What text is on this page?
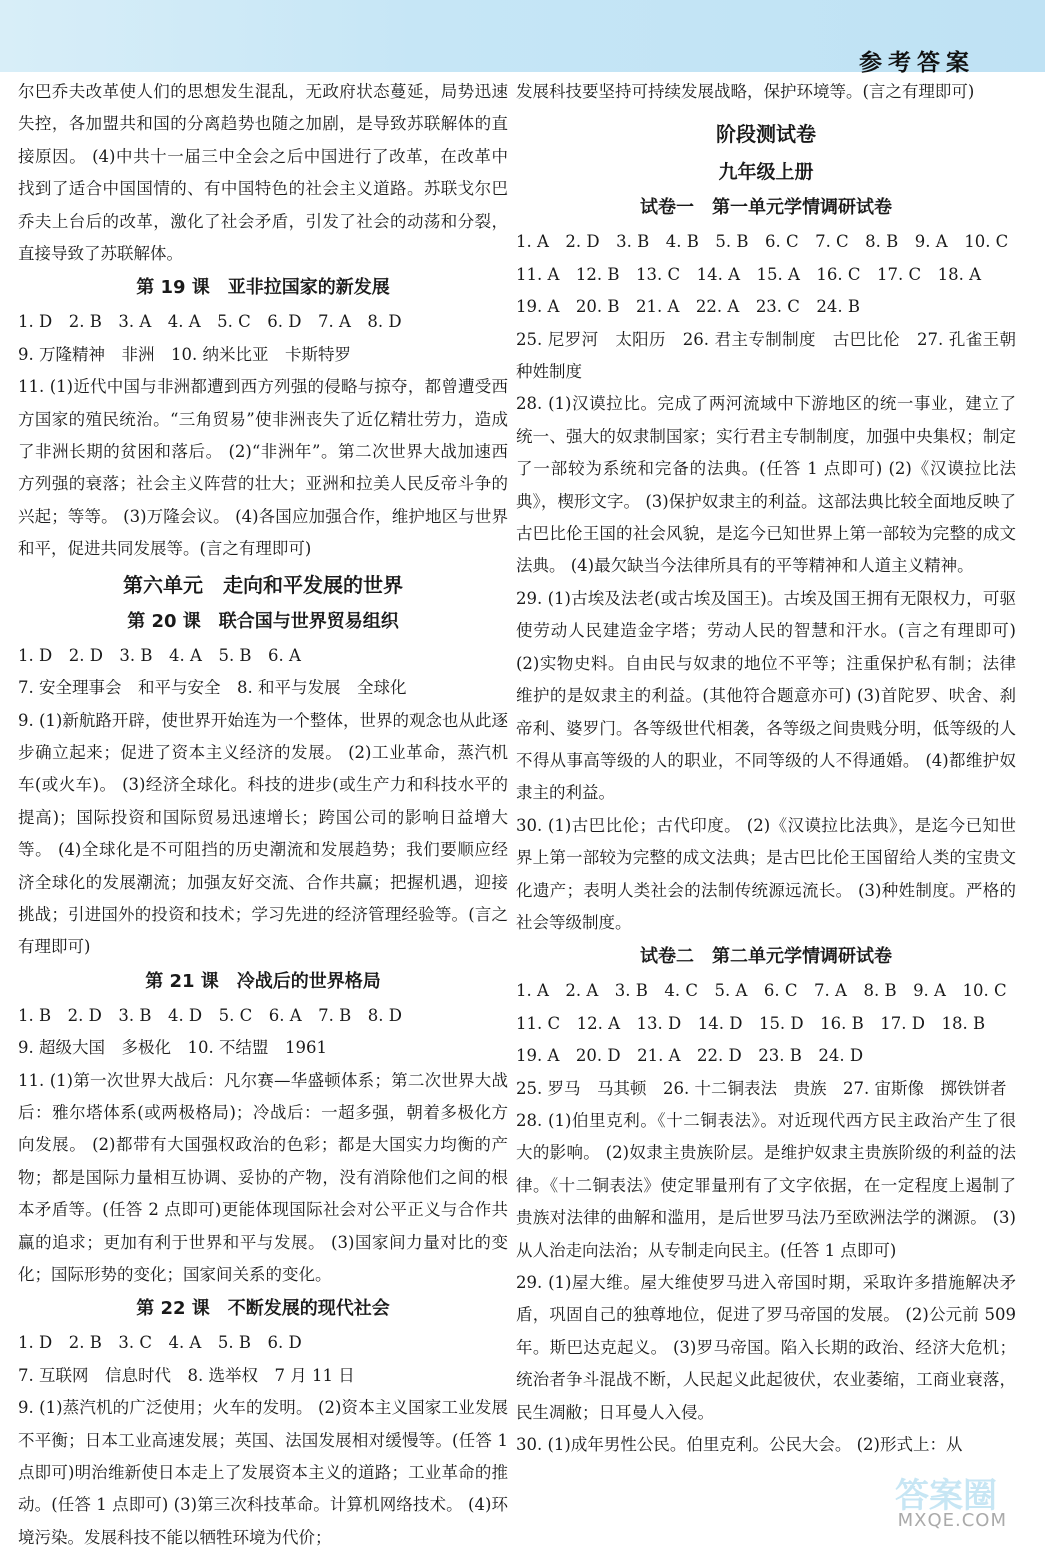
参考答案

尔巴乔夫改革使人们的思想发生混乱，无政府状态蔓延，局势迅速失控，各加盟共和国的分离趋势也随之加剧，是导致苏联解体的直接原因。 (4)中共十一届三中全会之后中国进行了改革，在改革中找到了适合中国国情的、有中国特色的社会主义道路。苏联戈尔巴乔夫上台后的改革，激化了社会矛盾，引发了社会的动荡和分裂，直接导致了苏联解体。

第 19 课　亚非拉国家的新发展

1. D　2. B　3. A　4. A　5. C　6. D　7. A　8. D

9. 万隆精神　非洲　10. 纳米比亚　卡斯特罗

11. (1)近代中国与非洲都遭到西方列强的侵略与掠夺，都曾遭受西方国家的殖民统治。“三角贸易”使非洲丧失了近亿精壮劳力，造成了非洲长期的贫困和落后。 (2)“非洲年”。第二次世界大战加速西方列强的衰落；社会主义阵营的壮大；亚洲和拉美人民反帝斗争的兴起；等等。 (3)万隆会议。 (4)各国应加强合作，维护地区与世界和平，促进共同发展等。(言之有理即可)

第六单元　走向和平发展的世界
第 20 课　联合国与世界贸易组织

1. D　2. D　3. B　4. A　5. B　6. A

7. 安全理事会　和平与安全　8. 和平与发展　全球化

9. (1)新航路开辟，使世界开始连为一个整体，世界的观念也从此逐步确立起来；促进了资本主义经济的发展。 (2)工业革命，蒸汽机车(或火车)。 (3)经济全球化。科技的进步(或生产力和科技水平的提高)；国际投资和国际贸易迅速增长；跨国公司的影响日益增大等。 (4)全球化是不可阻挡的历史潮流和发展趋势；我们要顺应经济全球化的发展潮流；加强友好交流、合作共赢；把握机遇，迎接挑战；引进国外的投资和技术；学习先进的经济管理经验等。(言之有理即可)

第 21 课　冷战后的世界格局

1. B　2. D　3. B　4. D　5. C　6. A　7. B　8. D

9. 超级大国　多极化　10. 不结盟　1961

11. (1)第一次世界大战后：凡尔赛—华盛顿体系；第二次世界大战后：雅尔塔体系(或两极格局)；冷战后：一超多强，朝着多极化方向发展。 (2)都带有大国强权政治的色彩；都是大国实力均衡的产物；都是国际力量相互协调、妥协的产物，没有消除他们之间的根本矛盾等。(任答 2 点即可)更能体现国际社会对公平正义与合作共赢的追求；更加有利于世界和平与发展。 (3)国家间力量对比的变化；国际形势的变化；国家间关系的变化。

第 22 课　不断发展的现代社会

1. D　2. B　3. C　4. A　5. B　6. D

7. 互联网　信息时代　8. 选举权　7 月 11 日

9. (1)蒸汽机的广泛使用；火车的发明。 (2)资本主义国家工业发展不平衡；日本工业高速发展；英国、法国发展相对缓慢等。(任答 1 点即可)明治维新使日本走上了发展资本主义的道路；工业革命的推动。(任答 1 点即可) (3)第三次科技革命。计算机网络技术。 (4)环境污染。发展科技不能以牺牲环境为代价；

发展科技要坚持可持续发展战略，保护环境等。(言之有理即可)

阶段测试卷
九年级上册
试卷一　第一单元学情调研试卷

1. A　2. D　3. B　4. B　5. B　6. C　7. C　8. B　9. A　10. C

11. A　12. B　13. C　14. A　15. A　16. C　17. C　18. A

19. A　20. B　21. A　22. A　23. C　24. B

25. 尼罗河　太阳历　26. 君主专制制度　古巴比伦　27. 孔雀王朝　种姓制度

28. (1)汉谟拉比。完成了两河流域中下游地区的统一事业，建立了统一、强大的奴隶制国家；实行君主专制制度，加强中央集权；制定了一部较为系统和完备的法典。(任答 1 点即可) (2)《汉谟拉比法典》，楔形文字。 (3)保护奴隶主的利益。这部法典比较全面地反映了古巴比伦王国的社会风貌，是迄今已知世界上第一部较为完整的成文法典。 (4)最欠缺当今法律所具有的平等精神和人道主义精神。

29. (1)古埃及法老(或古埃及国王)。古埃及国王拥有无限权力，可驱使劳动人民建造金字塔；劳动人民的智慧和汗水。(言之有理即可) (2)实物史料。自由民与奴隶的地位不平等；注重保护私有制；法律维护的是奴隶主的利益。(其他符合题意亦可) (3)首陀罗、吠舍、刹帝利、婆罗门。各等级世代相袭，各等级之间贵贱分明，低等级的人不得从事高等级的人的职业，不同等级的人不得通婚。 (4)都维护奴隶主的利益。

30. (1)古巴比伦；古代印度。 (2)《汉谟拉比法典》，是迄今已知世界上第一部较为完整的成文法典；是古巴比伦王国留给人类的宝贵文化遗产；表明人类社会的法制传统源远流长。 (3)种姓制度。严格的社会等级制度。

试卷二　第二单元学情调研试卷

1. A　2. A　3. B　4. C　5. A　6. C　7. A　8. B　9. A　10. C

11. C　12. A　13. D　14. D　15. D　16. B　17. D　18. B

19. A　20. D　21. A　22. D　23. B　24. D

25. 罗马　马其顿　26. 十二铜表法　贵族　27. 宙斯像　掷铁饼者

28. (1)伯里克利。《十二铜表法》。对近现代西方民主政治产生了很大的影响。 (2)奴隶主贵族阶层。是维护奴隶主贵族阶级的利益的法律。《十二铜表法》使定罪量刑有了文字依据，在一定程度上遏制了贵族对法律的曲解和滥用，是后世罗马法乃至欧洲法学的渊源。 (3)从人治走向法治；从专制走向民主。(任答 1 点即可)

29. (1)屋大维。屋大维使罗马进入帝国时期，采取许多措施解决矛盾，巩固自己的独尊地位，促进了罗马帝国的发展。 (2)公元前 509 年。斯巴达克起义。 (3)罗马帝国。陷入长期的政治、经济大危机；统治者争斗混战不断，人民起义此起彼伏，农业萎缩，工商业衰落，民生凋敝；日耳曼人入侵。

30. (1)成年男性公民。伯里克利。公民大会。 (2)形式上：从

答案圈
MXQE.COM
